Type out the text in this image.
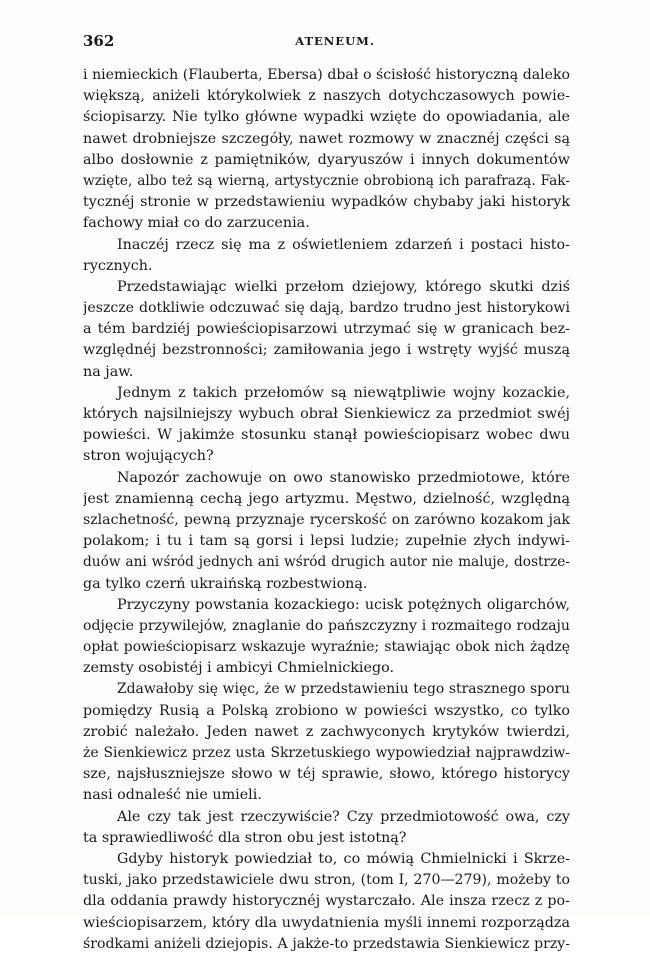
362	ATENEUM.
i niemieckich (Flauberta, Ebersa) dbał o ścisłość historyczną daleko
większą, aniżeli którykolwiek z naszych dotychczasowych powie-
ściopisarzy. Nie tylko główne wypadki wzięte do opowiadania, ale
nawet drobniejsze szczegóły, nawet rozmowy w znacznéj części są
albo dosłownie z pamiętników, dyaryuszów i innych dokumentów
wzięte, albo też są wierną, artystycznie obrobioną ich parafrazą. Fak-
tycznéj stronie w przedstawieniu wypadków chybaby jaki historyk
fachowy miał co do zarzucenia.
Inaczéj rzecz się ma z oświetleniem zdarzeń i postaci histo-
rycznych.
Przedstawiając wielki przełom dziejowy, którego skutki dziś
jeszcze dotkliwie odczuwać się dają, bardzo trudno jest historykowi
a tém bardziéj powieściopisarzowi utrzymać się w granicach bez-
względnéj bezstronności; zamiłowania jego i wstręty wyjść muszą
na jaw.
Jednym z takich przełomów są niewątpliwie wojny kozackie,
których najsilniejszy wybuch obrał Sienkiewicz za przedmiot swéj
powieści. W jakimże stosunku stanął powieściopisarz wobec dwu
stron wojujących?
Napozór zachowuje on owo stanowisko przedmiotowe, które
jest znamienną cechą jego artyzmu. Męstwo, dzielność, względną
szlachetność, pewną przyznaje rycerskość on zarówno kozakom jak
polakom; i tu i tam są gorsi i lepsi ludzie; zupełnie złych indywi-
duów ani wśród jednych ani wśród drugich autor nie maluje, dostrze-
ga tylko czerń ukraińską rozbestwioną.
Przyczyny powstania kozackiego: ucisk potężnych oligarchów,
odjęcie przywilejów, znaglanie do pańszczyzny i rozmaitego rodzaju
opłat powieściopisarz wskazuje wyraźnie; stawiając obok nich żądzę
zemsty osobistéj i ambicyi Chmielnickiego.
Zdawałoby się więc, że w przedstawieniu tego strasznego sporu
pomiędzy Rusią a Polską zrobiono w powieści wszystko, co tylko
zrobić należało. Jeden nawet z zachwyconych krytyków twierdzi,
że Sienkiewicz przez usta Skrzetuskiego wypowiedział najprawdziw-
sze, najsłuszniejsze słowo w téj sprawie, słowo, którego historycy
nasi odnaleść nie umieli.
Ale czy tak jest rzeczywiście? Czy przedmiotowość owa, czy
ta sprawiedliwość dla stron obu jest istotną?
Gdyby historyk powiedział to, co mówią Chmielnicki i Skrze-
tuski, jako przedstawiciele dwu stron, (tom I, 270—279), możeby to
dla oddania prawdy historycznéj wystarczało. Ale insza rzecz z po-
wieściopisarzem, który dla uwydatnienia myśli innemi rozporządza
środkami aniżeli dziejopis. A jakże-to przedstawia Sienkiewicz przy-
